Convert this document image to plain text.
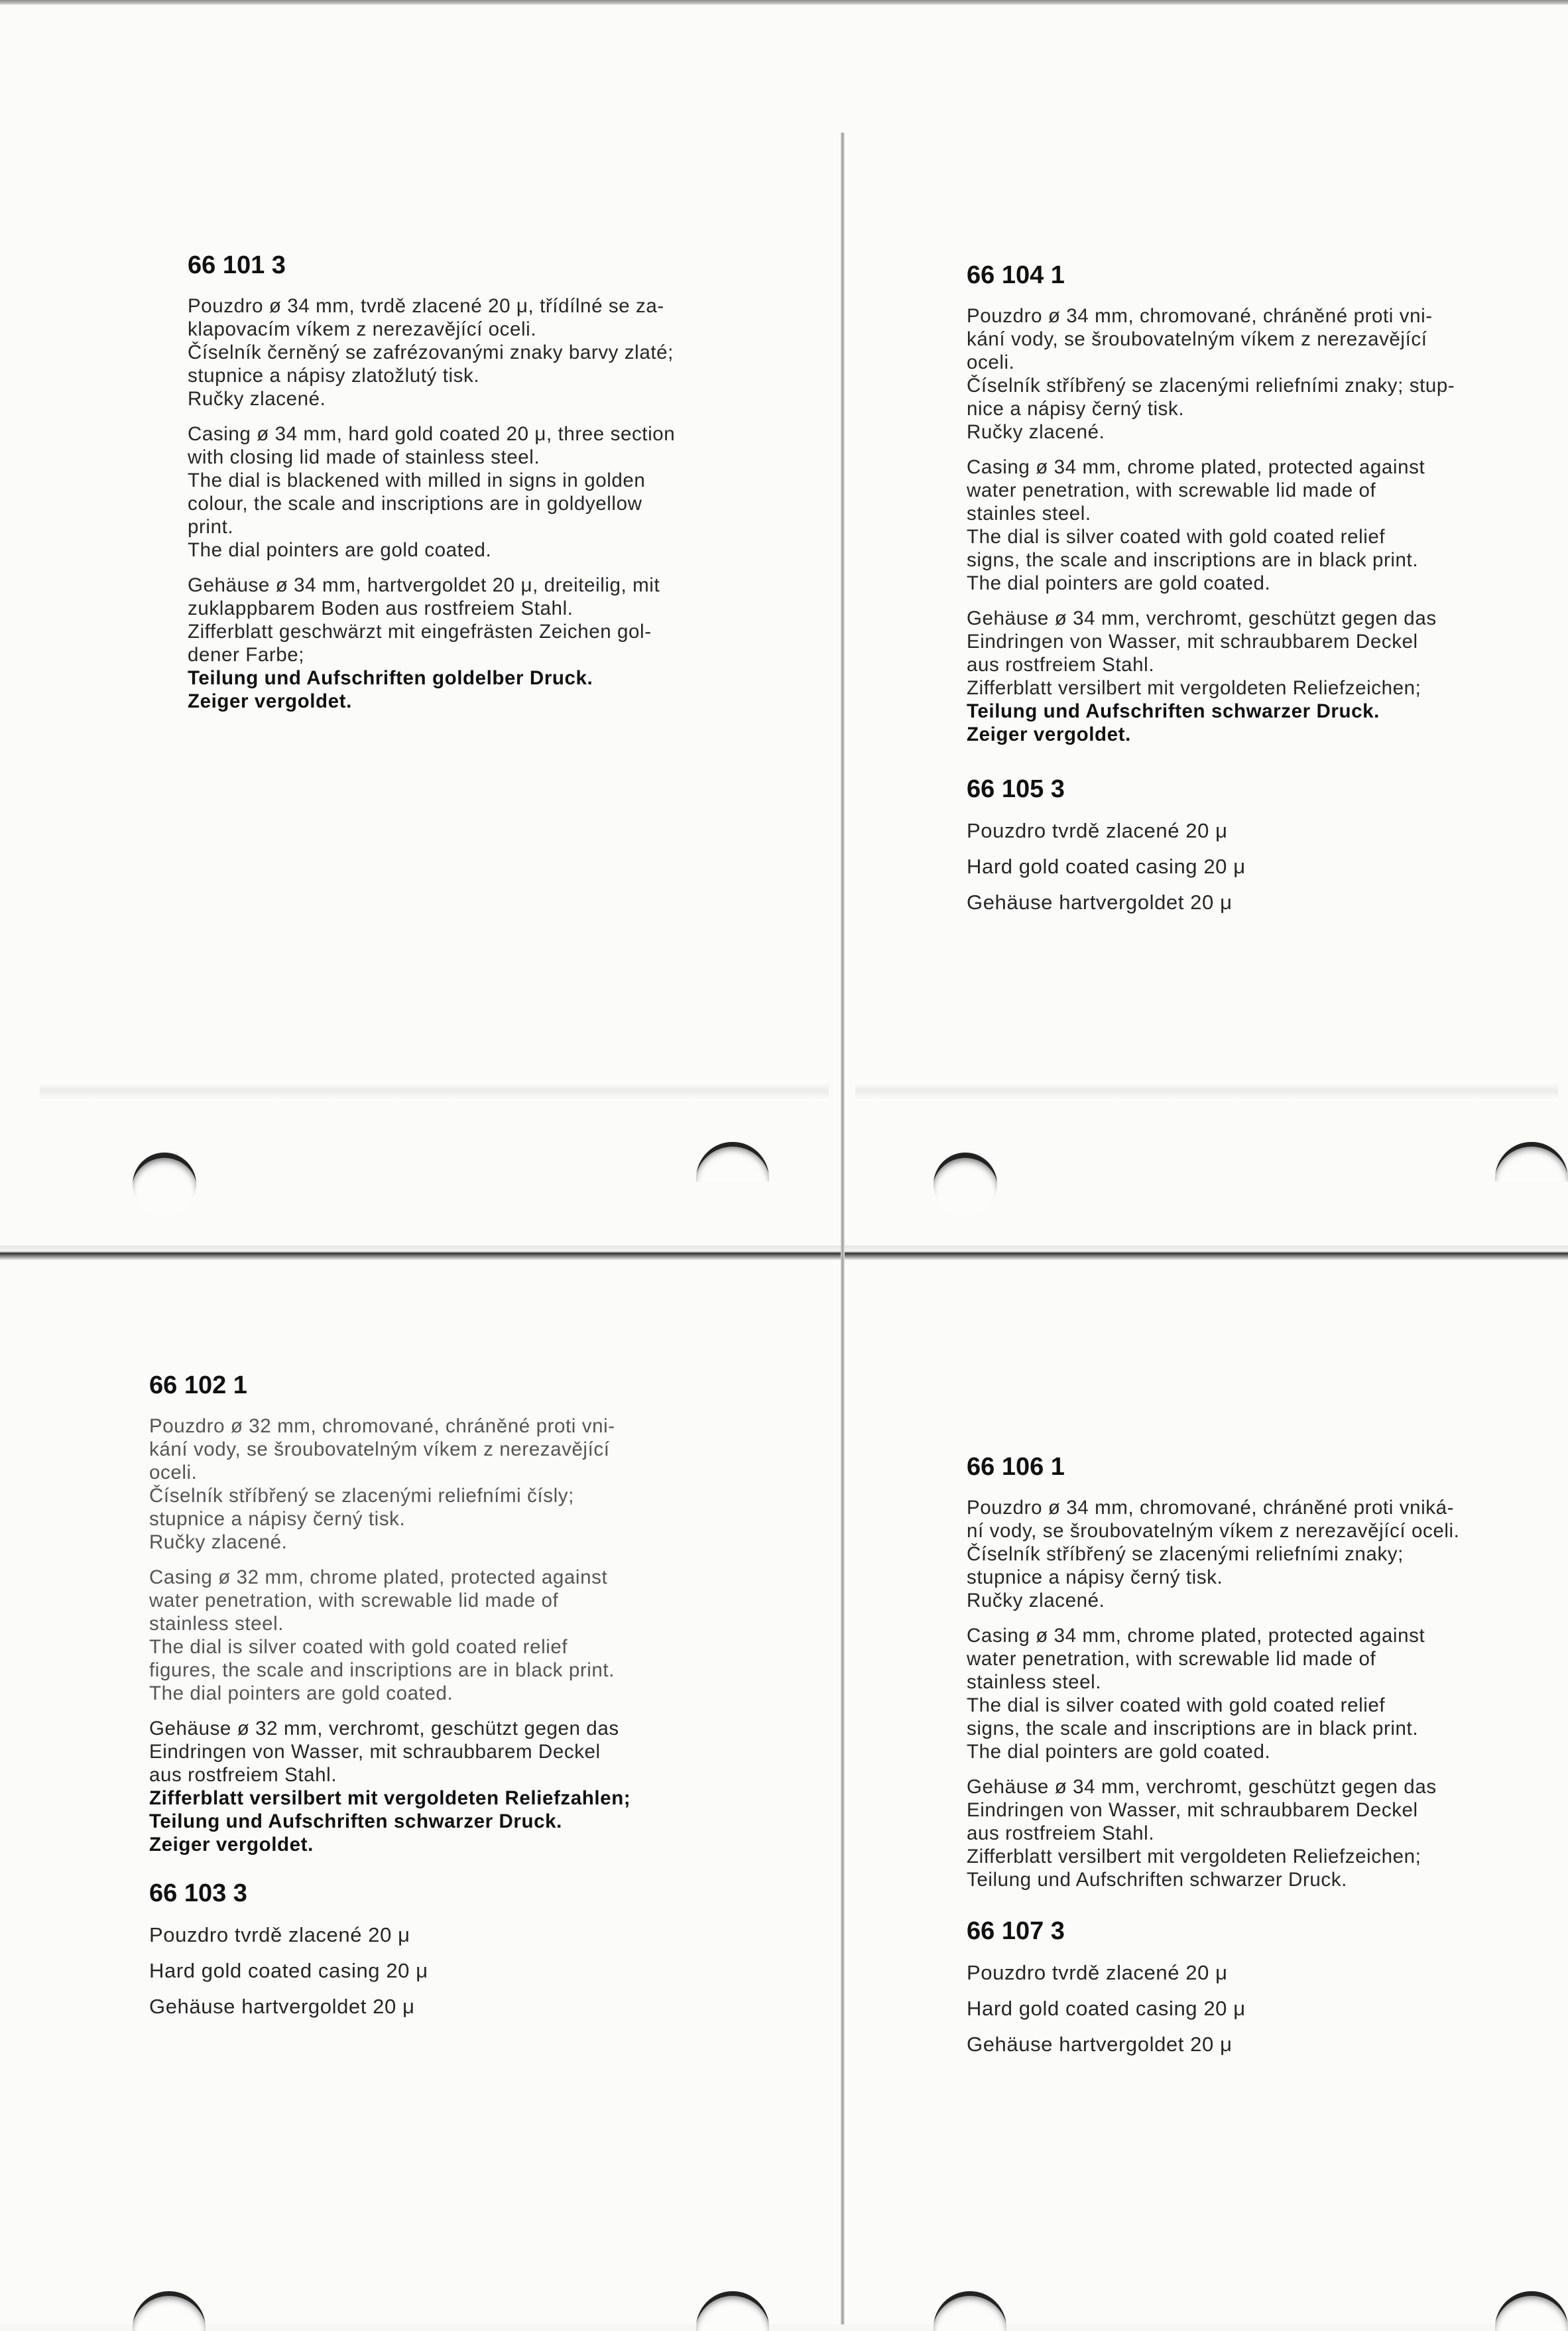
66 101 3

Pouzdro ø 34 mm, tvrdě zlacené 20 μ, třídílné se za-
klapovacím víkem z nerezavějící oceli.
Číselník černěný se zafrézovanými znaky barvy zlaté;
stupnice a nápisy zlatožlutý tisk.
Ručky zlacené.

Casing ø 34 mm, hard gold coated 20 μ, three section
with closing lid made of stainless steel.
The dial is blackened with milled in signs in golden
colour, the scale and inscriptions are in goldyellow
print.
The dial pointers are gold coated.

Gehäuse ø 34 mm, hartvergoldet 20 μ, dreiteilig, mit
zuklappbarem Boden aus rostfreiem Stahl.
Zifferblatt geschwärzt mit eingefrästen Zeichen gol-
dener Farbe;
Teilung und Aufschriften goldelber Druck.
Zeiger vergoldet.

66 104 1

Pouzdro ø 34 mm, chromované, chráněné proti vni-
kání vody, se šroubovatelným víkem z nerezavějící
oceli.
Číselník stříbřený se zlacenými reliefními znaky; stup-
nice a nápisy černý tisk.
Ručky zlacené.

Casing ø 34 mm, chrome plated, protected against
water penetration, with screwable lid made of
stainles steel.
The dial is silver coated with gold coated relief
signs, the scale and inscriptions are in black print.
The dial pointers are gold coated.

Gehäuse ø 34 mm, verchromt, geschützt gegen das
Eindringen von Wasser, mit schraubbarem Deckel
aus rostfreiem Stahl.
Zifferblatt versilbert mit vergoldeten Reliefzeichen;
Teilung und Aufschriften schwarzer Druck.
Zeiger vergoldet.

66 105 3

Pouzdro tvrdě zlacené 20 μ

Hard gold coated casing 20 μ

Gehäuse hartvergoldet 20 μ

66 102 1

Pouzdro ø 32 mm, chromované, chráněné proti vni-
kání vody, se šroubovatelným víkem z nerezavějící
oceli.
Číselník stříbřený se zlacenými reliefními čísly;
stupnice a nápisy černý tisk.
Ručky zlacené.

Casing ø 32 mm, chrome plated, protected against
water penetration, with screwable lid made of
stainless steel.
The dial is silver coated with gold coated relief
figures, the scale and inscriptions are in black print.
The dial pointers are gold coated.

Gehäuse ø 32 mm, verchromt, geschützt gegen das
Eindringen von Wasser, mit schraubbarem Deckel
aus rostfreiem Stahl.
Zifferblatt versilbert mit vergoldeten Reliefzahlen;
Teilung und Aufschriften schwarzer Druck.
Zeiger vergoldet.

66 103 3

Pouzdro tvrdě zlacené 20 μ

Hard gold coated casing 20 μ

Gehäuse hartvergoldet 20 μ

66 106 1

Pouzdro ø 34 mm, chromované, chráněné proti vniká-
ní vody, se šroubovatelným víkem z nerezavějící oceli.
Číselník stříbřený se zlacenými reliefními znaky;
stupnice a nápisy černý tisk.
Ručky zlacené.

Casing ø 34 mm, chrome plated, protected against
water penetration, with screwable lid made of
stainless steel.
The dial is silver coated with gold coated relief
signs, the scale and inscriptions are in black print.
The dial pointers are gold coated.

Gehäuse ø 34 mm, verchromt, geschützt gegen das
Eindringen von Wasser, mit schraubbarem Deckel
aus rostfreiem Stahl.
Zifferblatt versilbert mit vergoldeten Reliefzeichen;
Teilung und Aufschriften schwarzer Druck.

66 107 3

Pouzdro tvrdě zlacené 20 μ

Hard gold coated casing 20 μ

Gehäuse hartvergoldet 20 μ
